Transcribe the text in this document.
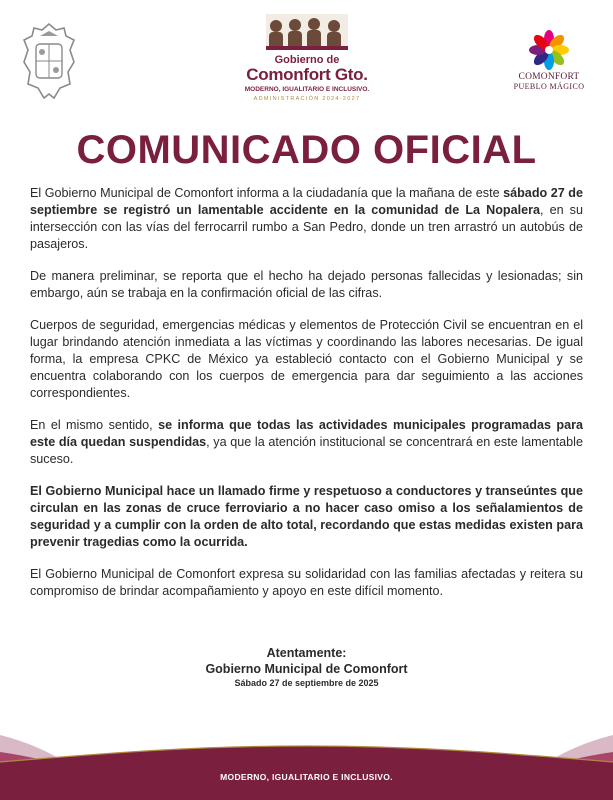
Gobierno de
Comonfort Gto.
MODERNO, IGUALITARIO E INCLUSIVO.
ADMINISTRACIÓN 2024-2027
COMONFORT
PUEBLO MÁGICO
COMUNICADO OFICIAL

El Gobierno Municipal de Comonfort informa a la ciudadanía que la mañana de este sábado 27 de septiembre se registró un lamentable accidente en la comunidad de La Nopalera, en su intersección con las vías del ferrocarril rumbo a San Pedro, donde un tren arrastró un autobús de pasajeros.

De manera preliminar, se reporta que el hecho ha dejado personas fallecidas y lesionadas; sin embargo, aún se trabaja en la confirmación oficial de las cifras.

Cuerpos de seguridad, emergencias médicas y elementos de Protección Civil se encuentran en el lugar brindando atención inmediata a las víctimas y coordinando las labores necesarias. De igual forma, la empresa CPKC de México ya estableció contacto con el Gobierno Municipal y se encuentra colaborando con los cuerpos de emergencia para dar seguimiento a las acciones correspondientes.

En el mismo sentido, se informa que todas las actividades municipales programadas para este día quedan suspendidas, ya que la atención institucional se concentrará en este lamentable suceso.

El Gobierno Municipal hace un llamado firme y respetuoso a conductores y transeúntes que circulan en las zonas de cruce ferroviario a no hacer caso omiso a los señalamientos de seguridad y a cumplir con la orden de alto total, recordando que estas medidas existen para prevenir tragedias como la ocurrida.

El Gobierno Municipal de Comonfort expresa su solidaridad con las familias afectadas y reitera su compromiso de brindar acompañamiento y apoyo en este difícil momento.

Atentamente:
Gobierno Municipal de Comonfort
Sábado 27 de septiembre de 2025
MODERNO, IGUALITARIO E INCLUSIVO.
